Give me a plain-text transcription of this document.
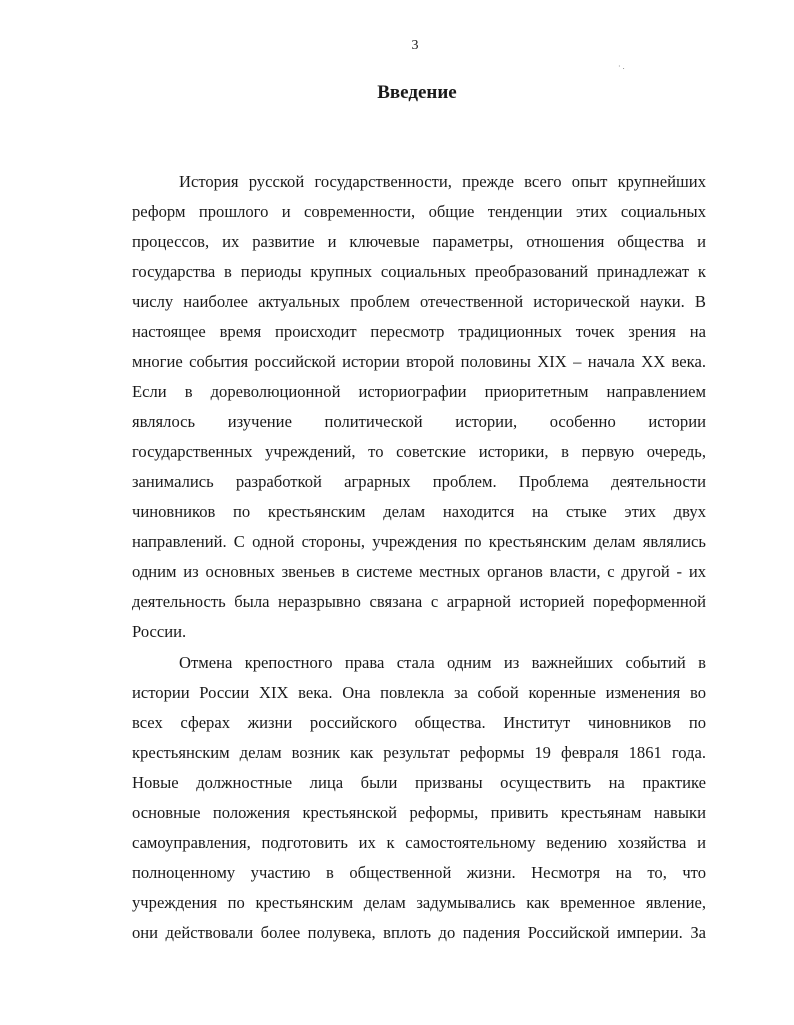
3
·.
Введение
История русской государственности, прежде всего опыт крупнейших
реформ прошлого и современности, общие тенденции этих социальных
процессов, их развитие и ключевые параметры, отношения общества и
государства в периоды крупных социальных преобразований принадлежат к
числу наиболее актуальных проблем отечественной исторической науки. В
настоящее время происходит пересмотр традиционных точек зрения на
многие события российской истории второй половины XIX – начала XX века.
Если в дореволюционной историографии приоритетным направлением
являлось изучение политической истории, особенно истории
государственных учреждений, то советские историки, в первую очередь,
занимались разработкой аграрных проблем. Проблема деятельности
чиновников по крестьянским делам находится на стыке этих двух
направлений. С одной стороны, учреждения по крестьянским делам являлись
одним из основных звеньев в системе местных органов власти, с другой - их
деятельность была неразрывно связана с аграрной историей пореформенной
России.
Отмена крепостного права стала одним из важнейших событий в
истории России XIX века. Она повлекла за собой коренные изменения во
всех сферах жизни российского общества. Институт чиновников по
крестьянским делам возник как результат реформы 19 февраля 1861 года.
Новые должностные лица были призваны осуществить на практике
основные положения крестьянской реформы, привить крестьянам навыки
самоуправления, подготовить их к самостоятельному ведению хозяйства и
полноценному участию в общественной жизни. Несмотря на то, что
учреждения по крестьянским делам задумывались как временное явление,
они действовали более полувека, вплоть до падения Российской империи. За
